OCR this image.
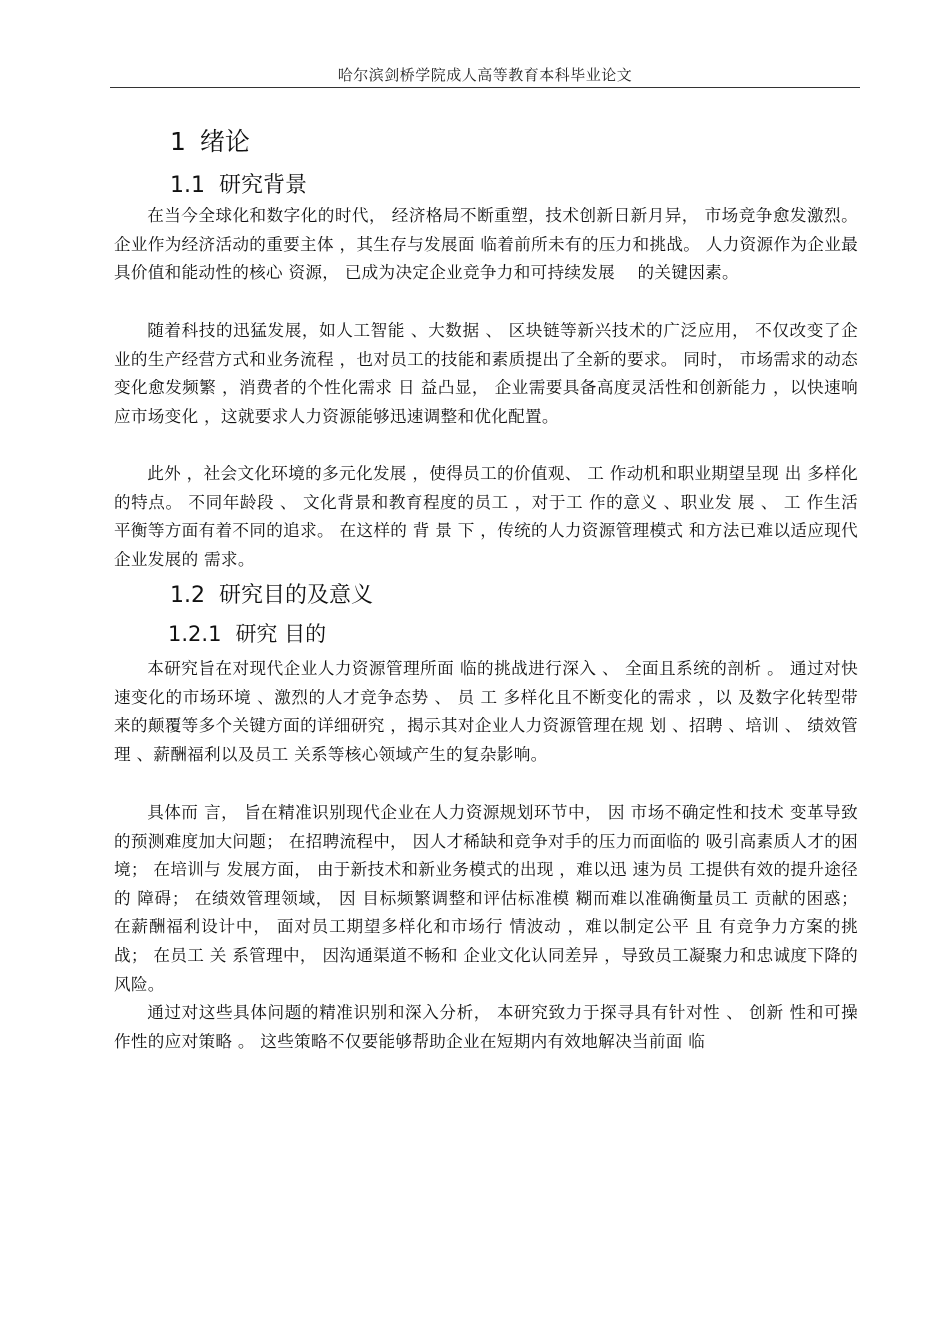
哈尔滨剑桥学院成人高等教育本科毕业论文
1 绪论
1.1 研究背景

在当今全球化和数字化的时代， 经济格局不断重塑，技术创新日新月异， 市场竞争愈发激烈。 企业作为经济活动的重要主体 ，其生存与发展面 临着前所未有的压力和挑战。 人力资源作为企业最具价值和能动性的核心 资源， 已成为决定企业竞争力和可持续发展　 的关键因素。

随着科技的迅猛发展，如人工智能 、大数据 、 区块链等新兴技术的广泛应用， 不仅改变了企业的生产经营方式和业务流程 ，也对员工的技能和素质提出了全新的要求。 同时， 市场需求的动态变化愈发频繁 ，消费者的个性化需求 日 益凸显， 企业需要具备高度灵活性和创新能力 ，以快速响应市场变化 ，这就要求人力资源能够迅速调整和优化配置。

此外 ，社会文化环境的多元化发展 ，使得员工的价值观、 工 作动机和职业期望呈现 出 多样化的特点。 不同年龄段 、 文化背景和教育程度的员工 ，对于工 作的意义 、职业发 展 、 工 作生活平衡等方面有着不同的追求。 在这样的 背 景 下 ，传统的人力资源管理模式 和方法已难以适应现代企业发展的 需求。

1.2 研究目的及意义
1.2.1 研究 目的

本研究旨在对现代企业人力资源管理所面 临的挑战进行深入 、 全面且系统的剖析 。 通过对快速变化的市场环境 、激烈的人才竞争态势 、 员 工 多样化且不断变化的需求 ，以 及数字化转型带来的颠覆等多个关键方面的详细研究 ，揭示其对企业人力资源管理在规 划 、招聘 、培训 、 绩效管理 、薪酬福利以及员工 关系等核心领域产生的复杂影响。

具体而 言， 旨在精准识别现代企业在人力资源规划环节中， 因 市场不确定性和技术 变革导致的预测难度加大问题； 在招聘流程中， 因人才稀缺和竞争对手的压力而面临的 吸引高素质人才的困境； 在培训与 发展方面， 由于新技术和新业务模式的出现 ，难以迅 速为员 工提供有效的提升途径的 障碍； 在绩效管理领域， 因 目标频繁调整和评估标准模 糊而难以准确衡量员工 贡献的困惑； 在薪酬福利设计中， 面对员工期望多样化和市场行 情波动 ，难以制定公平 且 有竞争力方案的挑战； 在员工 关 系管理中， 因沟通渠道不畅和 企业文化认同差异 ，导致员工凝聚力和忠诚度下降的风险。

通过对这些具体问题的精准识别和深入分析， 本研究致力于探寻具有针对性 、 创新 性和可操作性的应对策略 。 这些策略不仅要能够帮助企业在短期内有效地解决当前面 临
